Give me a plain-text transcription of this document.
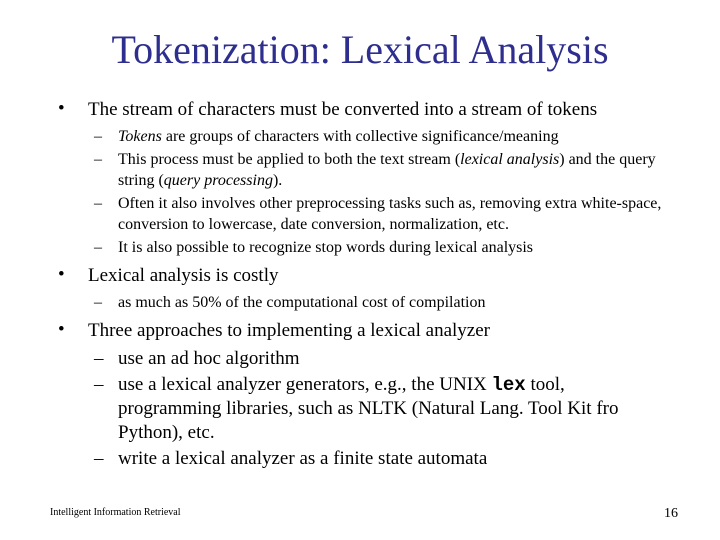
Tokenization: Lexical Analysis
• The stream of characters must be converted into a stream of tokens
– Tokens are groups of characters with collective significance/meaning
– This process must be applied to both the text stream (lexical analysis) and the query string (query processing).
– Often it also involves other preprocessing tasks such as, removing extra white-space, conversion to lowercase, date conversion, normalization, etc.
– It is also possible to recognize stop words during lexical analysis
• Lexical analysis is costly
– as much as 50% of the computational cost of compilation
• Three approaches to implementing a lexical analyzer
– use an ad hoc algorithm
– use a lexical analyzer generators, e.g., the UNIX lex tool, programming libraries, such as NLTK (Natural Lang. Tool Kit fro Python), etc.
– write a lexical analyzer as a finite state automata
Intelligent Information Retrieval	16
